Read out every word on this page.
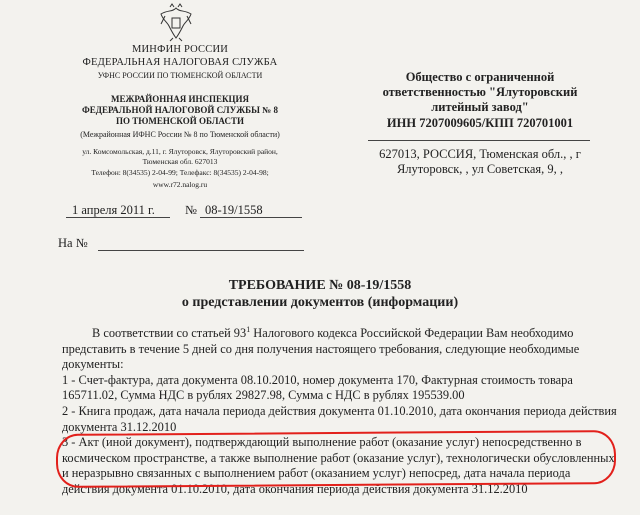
МИНФИН РОССИИ
ФЕДЕРАЛЬНАЯ НАЛОГОВАЯ СЛУЖБА
УФНС РОССИИ ПО ТЮМЕНСКОЙ ОБЛАСТИ
МЕЖРАЙОННАЯ ИНСПЕКЦИЯ
ФЕДЕРАЛЬНОЙ НАЛОГОВОЙ СЛУЖБЫ № 8
ПО ТЮМЕНСКОЙ ОБЛАСТИ
(Межрайонная ИФНС России № 8 по Тюменской области)
ул. Комсомольская, д.11, г. Ялуторовск, Ялуторовский район,
Тюменская обл. 627013
Телефон: 8(34535) 2-04-99; Телефакс: 8(34535) 2-04-98;
www.r72.nalog.ru
1 апреля 2011 г. № 08-19/1558
На №
Общество с ограниченной
ответственностью "Ялуторовский
литейный завод"
ИНН 7207009605/КПП 720701001
627013, РОССИЯ, Тюменская обл., , г
Ялуторовск, , ул Советская, 9, ,
ТРЕБОВАНИЕ № 08-19/1558
о представлении документов (информации)

В соответствии со статьей $93^1$ Налогового кодекса Российской Федерации Вам необходимо представить в течение 5 дней со дня получения настоящего требования, следующие необходимые документы:

1 - Счет-фактура, дата документа 08.10.2010, номер документа 170, Фактурная стоимость товара 165711.02, Сумма НДС в рублях 29827.98, Сумма с НДС в рублях 195539.00

2 - Книга продаж, дата начала периода действия документа 01.10.2010, дата окончания периода действия документа 31.12.2010

3 - Акт (иной документ), подтверждающий выполнение работ (оказание услуг) непосредственно в космическом пространстве, а также выполнение работ (оказание услуг), технологически обусловленных и неразрывно связанных с выполнением работ (оказанием услуг) непосред, дата начала периода действия документа 01.10.2010, дата окончания периода действия документа 31.12.2010
